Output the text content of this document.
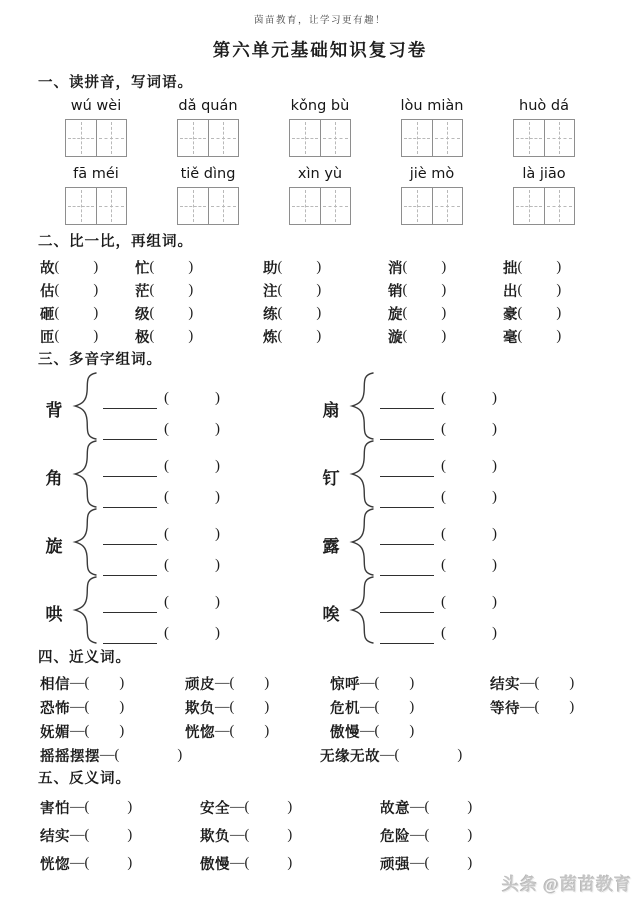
茵苗教育，让学习更有趣！
第六单元基础知识复习卷
一、读拼音，写词语。
wú wèi	dǎ quán	kǒng bù	lòu miàn	huò dá
fā méi	tiě dìng	xìn yù	jiè mò	là jiāo
二、比一比，再组词。
故 ( )	忙 ( )	助 ( )	消 ( )	拙 ( )
估 ( )	茫 ( )	注 ( )	销 ( )	出 ( )
砸 ( )	级 ( )	练 ( )	旋 ( )	豪 ( )
匝 ( )	极 ( )	炼 ( )	漩 ( )	毫 ( )
三、多音字组词。
背
(	)
(	)
扇
(	)
(	)
角
(	)
(	)
钉
(	)
(	)
旋
(	)
(	)
露
(	)
(	)
哄
(	)
(	)
唉
(	)
(	)
四、近义词。
相信 —( )	顽皮 —( )	惊呼 —( )	结实 —( )
恐怖 —( )	欺负 —( )	危机 —( )	等待 —( )
妩媚 —( )	恍惚 —( )	傲慢 —( )
摇摇摆摆 —(	)	无缘无故 —(	)
五、反义词。
害怕 —(	)	安全 —(	)	故意 —(	)
结实 —(	)	欺负 —(	)	危险 —(	)
恍惚 —(	)	傲慢 —(	)	顽强 —(	)
头条 @茵苗教育
